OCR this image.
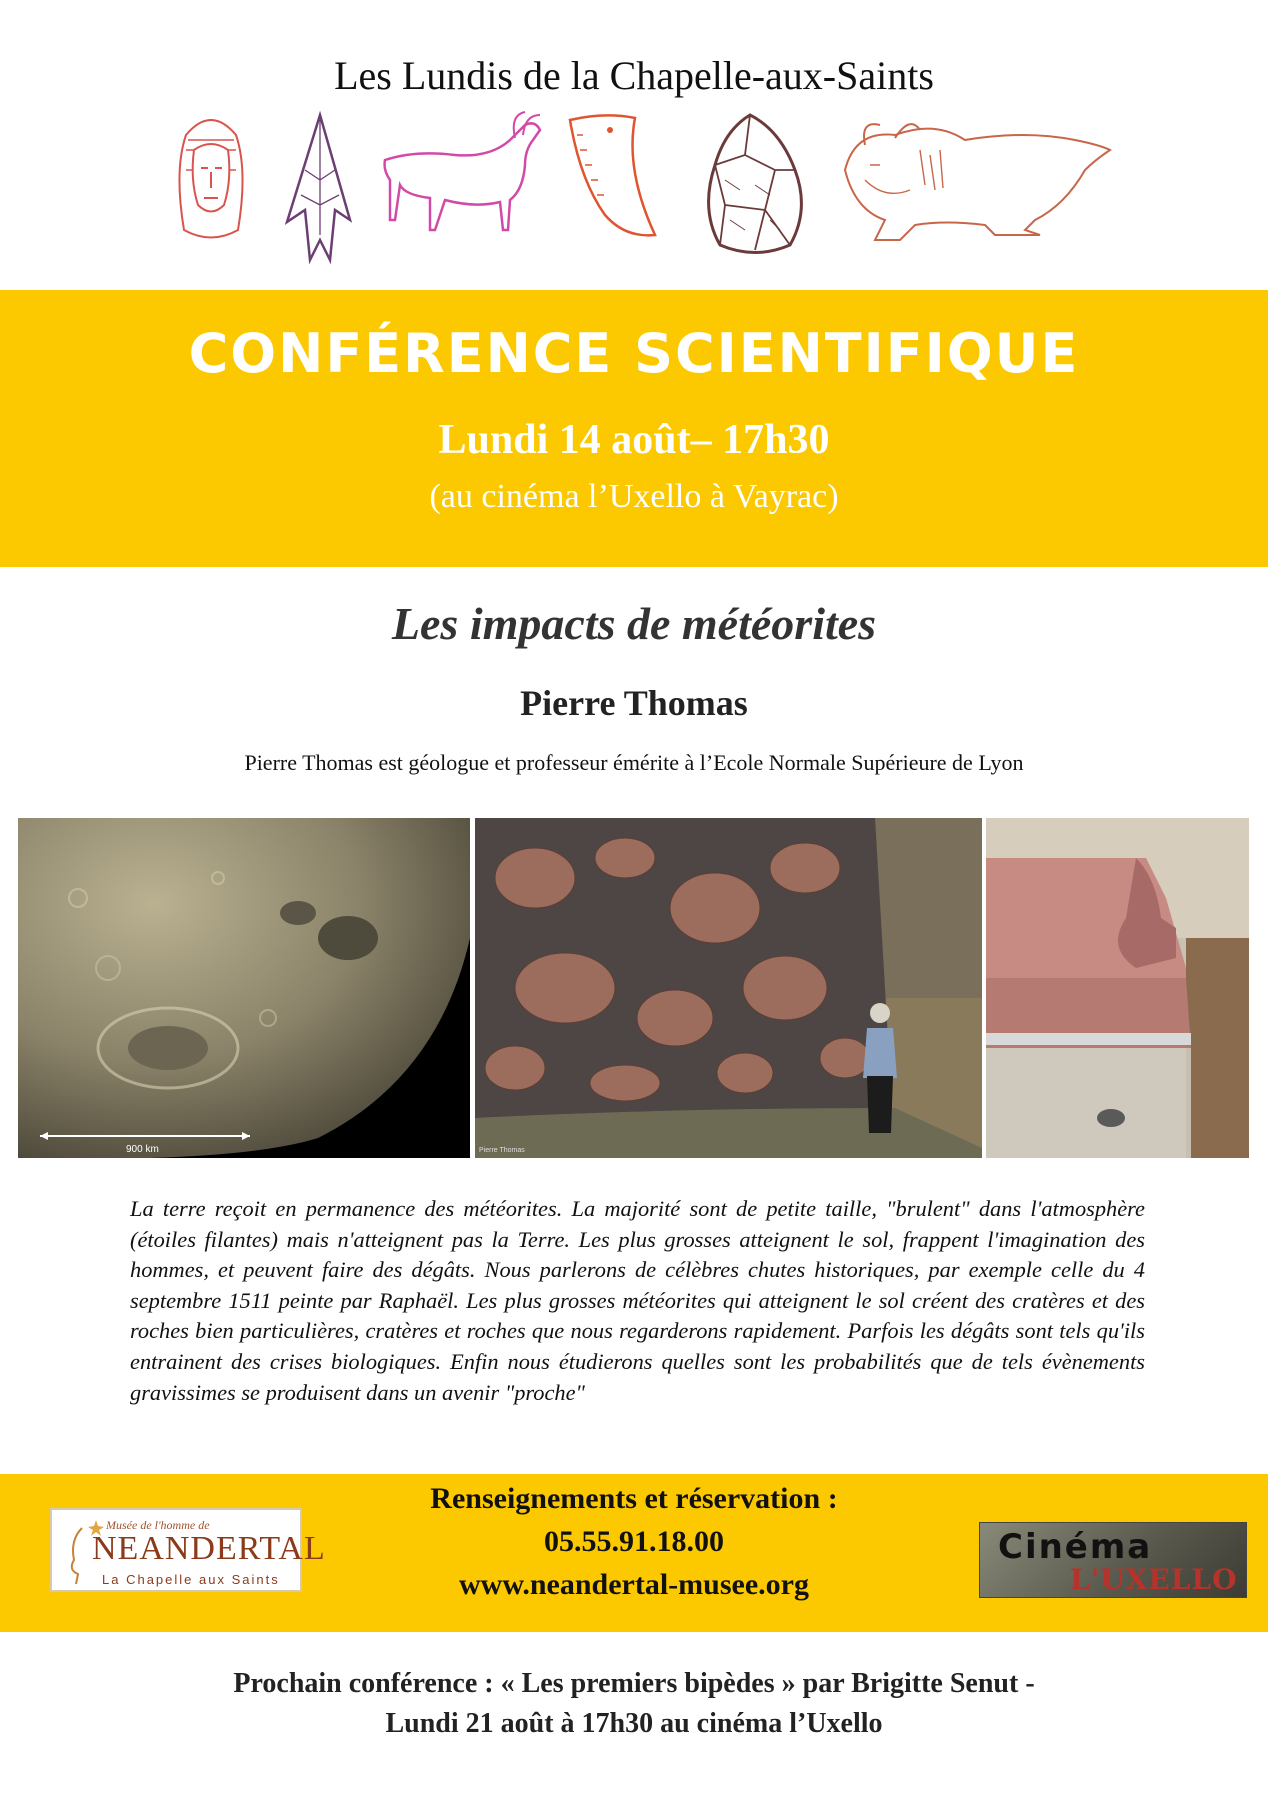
Les Lundis de la Chapelle-aux-Saints
CONFÉRENCE SCIENTIFIQUE
Lundi 14 août– 17h30
(au cinéma l’Uxello à Vayrac)
Les impacts de météorites
Pierre Thomas
Pierre Thomas est géologue et professeur émérite à l’Ecole Normale Supérieure de Lyon
900 km	Pierre Thomas
La terre reçoit en permanence des météorites. La majorité sont de petite taille, "brulent" dans l'atmosphère (étoiles filantes) mais n'atteignent pas la Terre. Les plus grosses atteignent le sol, frappent l'imagination des hommes, et peuvent faire des dégâts. Nous parlerons de célèbres chutes historiques, par exemple celle du 4 septembre 1511 peinte par Raphaël. Les plus grosses météorites qui atteignent le sol créent des cratères et des roches bien particulières, cratères et roches que nous regarderons rapidement. Parfois les dégâts sont tels qu'ils entrainent des crises biologiques. Enfin nous étudierons quelles sont les probabilités que de tels évènements gravissimes se produisent dans un avenir "proche"
Renseignements et réservation :
05.55.91.18.00
www.neandertal-musee.org
Musée de l'homme de
NEANDERTAL
La Chapelle aux Saints
Cinéma
L'UXELLO
Prochain conférence : « Les premiers bipèdes » par Brigitte Senut -
Lundi 21 août à 17h30 au cinéma l’Uxello
